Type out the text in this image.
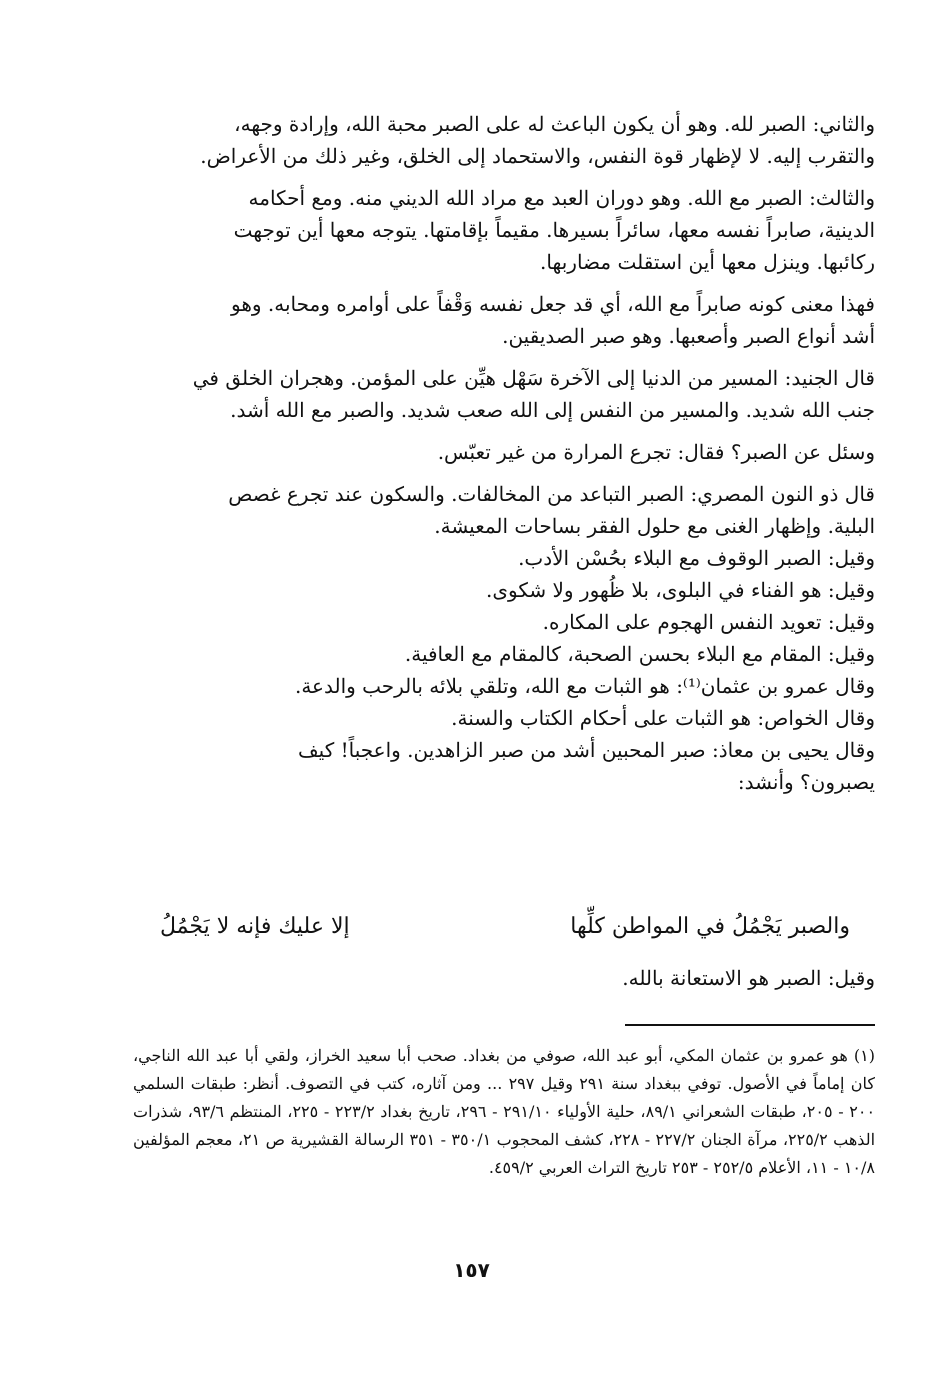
والثاني: الصبر لله. وهو أن يكون الباعث له على الصبر محبة الله، وإرادة وجهه،
والتقرب إليه. لا لإظهار قوة النفس، والاستحماد إلى الخلق، وغير ذلك من الأعراض.
والثالث: الصبر مع الله. وهو دوران العبد مع مراد الله الديني منه. ومع أحكامه
الدينية، صابراً نفسه معها، سائراً بسيرها. مقيماً بإقامتها. يتوجه معها أين توجهت
ركائبها. وينزل معها أين استقلت مضاربها.
فهذا معنى كونه صابراً مع الله، أي قد جعل نفسه وَقْفاً على أوامره ومحابه. وهو
أشد أنواع الصبر وأصعبها. وهو صبر الصديقين.
قال الجنيد: المسير من الدنيا إلى الآخرة سَهْل هيِّن على المؤمن. وهجران الخلق في
جنب الله شديد. والمسير من النفس إلى الله صعب شديد. والصبر مع الله أشد.
وسئل عن الصبر؟ فقال: تجرع المرارة من غير تعبّس.
قال ذو النون المصري: الصبر التباعد من المخالفات. والسكون عند تجرع غصص
البلية. وإظهار الغنى مع حلول الفقر بساحات المعيشة.
وقيل: الصبر الوقوف مع البلاء بحُسْن الأدب.
وقيل: هو الفناء في البلوى، بلا ظُهور ولا شكوى.
وقيل: تعويد النفس الهجوم على المكاره.
وقيل: المقام مع البلاء بحسن الصحبة، كالمقام مع العافية.
وقال عمرو بن عثمان⁽¹⁾: هو الثبات مع الله، وتلقي بلائه بالرحب والدعة.
وقال الخواص: هو الثبات على أحكام الكتاب والسنة.
وقال يحيى بن معاذ: صبر المحبين أشد من صبر الزاهدين. واعجباً! كيف
يصبرون؟ وأنشد:
والصبر يَجْمُلُ في المواطن كلِّها
إلا عليك فإنه لا يَجْمُلُ
وقيل: الصبر هو الاستعانة بالله.
(١) هو عمرو بن عثمان المكي، أبو عبد الله، صوفي من بغداد. صحب أبا سعيد الخراز، ولقي أبا عبد الله الناجي، كان إماماً في الأصول. توفي ببغداد سنة ٢٩١ وقيل ٢٩٧ ... ومن آثاره، كتب في التصوف. أنظر: طبقات السلمي ٢٠٠ - ٢٠٥، طبقات الشعراني ٨٩/١، حلية الأولياء ٢٩١/١٠ - ٢٩٦، تاريخ بغداد ٢٢٣/٢ - ٢٢٥، المنتظم ٩٣/٦، شذرات الذهب ٢٢٥/٢، مرآة الجنان ٢٢٧/٢ - ٢٢٨، كشف المحجوب ٣٥٠/١ - ٣٥١ الرسالة القشيرية ص ٢١، معجم المؤلفين ١٠/٨ - ١١، الأعلام ٢٥٢/٥ - ٢٥٣ تاريخ التراث العربي ٤٥٩/٢.
١٥٧
